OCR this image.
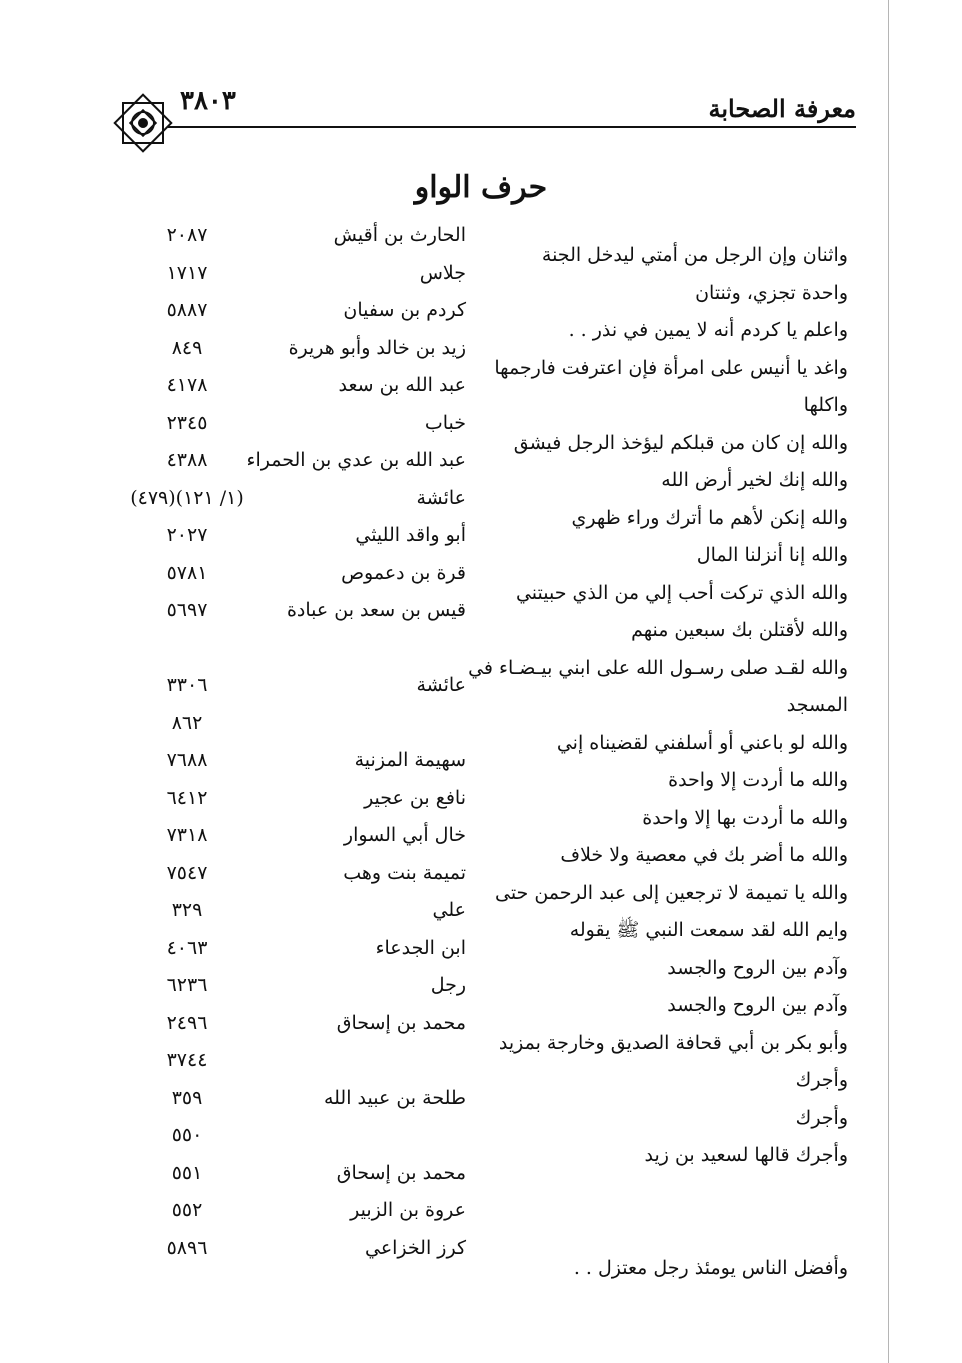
معرفة الصحابة
٣٨٠٣
حرف الواو
واثنان وإن الرجل من أمتي ليدخل الجنة
الحارث بن أقيش
٢٠٨٧
واحدة تجزي، وثنتان
جلاس
١٧١٧
واعلم يا كردم أنه لا يمين في نذر . .
كردم بن سفيان
٥٨٨٧
واغد يا أنيس على امرأة فإن اعترفت فارجمها
زيد بن خالد وأبو هريرة
٨٤٩
واكلها
عبد الله بن سعد
٤١٧٨
والله إن كان من قبلكم ليؤخذ الرجل فيشق
خباب
٢٣٤٥
والله إنك لخير أرض الله
عبد الله بن عدي بن الحمراء
٤٣٨٨
والله إنكن لأهم ما أترك وراء ظهري
عائشة
(١/ ١٢١)(٤٧٩)
والله إنا أنزلنا المال
أبو واقد الليثي
٢٠٢٧
والله الذي تركت أحب إلي من الذي حبيتني
قرة بن دعموص
٥٧٨١
والله لأقتلن بك سبعين منهم
قيس بن سعد بن عبادة
٥٦٩٧
والله لقـد صلى رسـول الله على ابني بيـضـاء في
المسجد
عائشة
٣٣٠٦
والله لو باعني أو أسلفني لقضيناه إني
٨٦٢
والله ما أردت إلا واحدة
سهيمة المزنية
٧٦٨٨
والله ما أردت بها إلا واحدة
نافع بن عجير
٦٤١٢
والله ما أضر بك في معصية ولا خلاف
خال أبي السوار
٧٣١٨
والله يا تميمة لا ترجعين إلى عبد الرحمن حتى
تميمة بنت وهب
٧٥٤٧
وايم الله لقد سمعت النبي ﷺ يقوله
علي
٣٢٩
وآدم بين الروح والجسد
ابن الجدعاء
٤٠٦٣
وآدم بين الروح والجسد
رجل
٦٢٣٦
وأبو بكر بن أبي قحافة الصديق وخارجة بمزيد
محمد بن إسحاق
٢٤٩٦
وأجرك
٣٧٤٤
وأجرك
طلحة بن عبيد الله
٣٥٩
وأجرك قالها لسعيد بن زيد
٥٥٠
محمد بن إسحاق
٥٥١
عروة بن الزبير
٥٥٢
وأفضل الناس يومئذ رجل معتزل . .
كرز الخزاعي
٥٨٩٦
